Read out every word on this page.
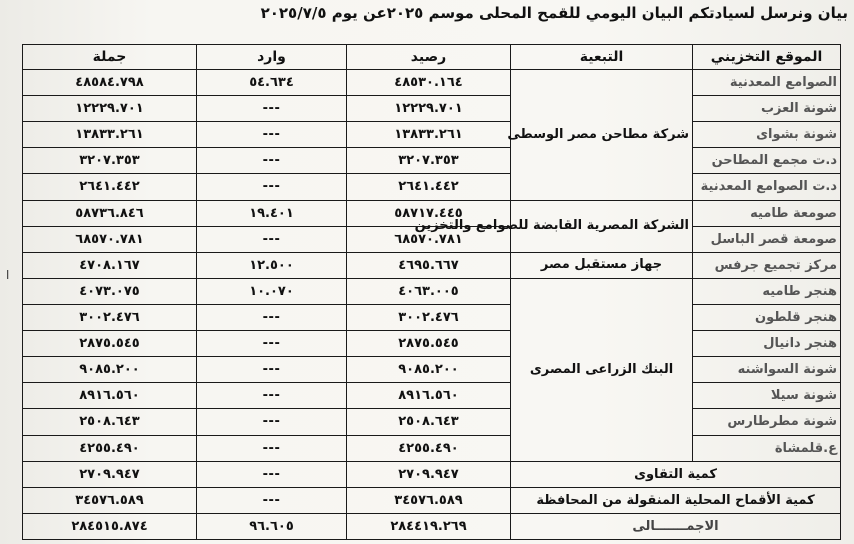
بيان ونرسل لسيادتكم البيان اليومي للقمح المحلى موسم ٢٠٢٥عن يوم ٢٠٢٥/٧/٥
ا
الموقع التخزيني	التبعية	رصيد	وارد	جملة
الصوامع المعدنية	شركة مطاحن مصر الوسطى	٤٨٥٣٠.١٦٤	٥٤.٦٣٤	٤٨٥٨٤.٧٩٨
شونة العزب		١٢٢٢٩.٧٠١	---	١٢٢٢٩.٧٠١
شونة بشواى		١٣٨٣٣.٢٦١	---	١٣٨٣٣.٢٦١
د.ت مجمع المطاحن		٣٢٠٧.٣٥٣	---	٣٢٠٧.٣٥٣
د.ت الصوامع المعدنية		٢٦٤١.٤٤٢	---	٢٦٤١.٤٤٢
صومعة طاميه	الشركة المصرية القابضة للصوامع والتخزين	٥٨٧١٧.٤٤٥	١٩.٤٠١	٥٨٧٣٦.٨٤٦
صومعة قصر الباسل		٦٨٥٧٠.٧٨١	---	٦٨٥٧٠.٧٨١
مركز تجميع جرفس	جهاز مستقبل مصر	٤٦٩٥.٦٦٧	١٢.٥٠٠	٤٧٠٨.١٦٧
هنجر طاميه	البنك الزراعى المصرى	٤٠٦٣.٠٠٥	١٠.٠٧٠	٤٠٧٣.٠٧٥
هنجر قلطون		٣٠٠٢.٤٧٦	---	٣٠٠٢.٤٧٦
هنجر دانيال		٢٨٧٥.٥٤٥	---	٢٨٧٥.٥٤٥
شونة السواشنه		٩٠٨٥.٢٠٠	---	٩٠٨٥.٢٠٠
شونة سيلا		٨٩١٦.٥٦٠	---	٨٩١٦.٥٦٠
شونة مطرطارس		٢٥٠٨.٦٤٣	---	٢٥٠٨.٦٤٣
ع.قلمشاة		٤٢٥٥.٤٩٠	---	٤٢٥٥.٤٩٠
كمية التقاوى		٢٧٠٩.٩٤٧	---	٢٧٠٩.٩٤٧
كمية الأقماح المحلية المنقولة من المحافظة		٣٤٥٧٦.٥٨٩	---	٣٤٥٧٦.٥٨٩
الاجمـــــــالى		٢٨٤٤١٩.٢٦٩	٩٦.٦٠٥	٢٨٤٥١٥.٨٧٤
